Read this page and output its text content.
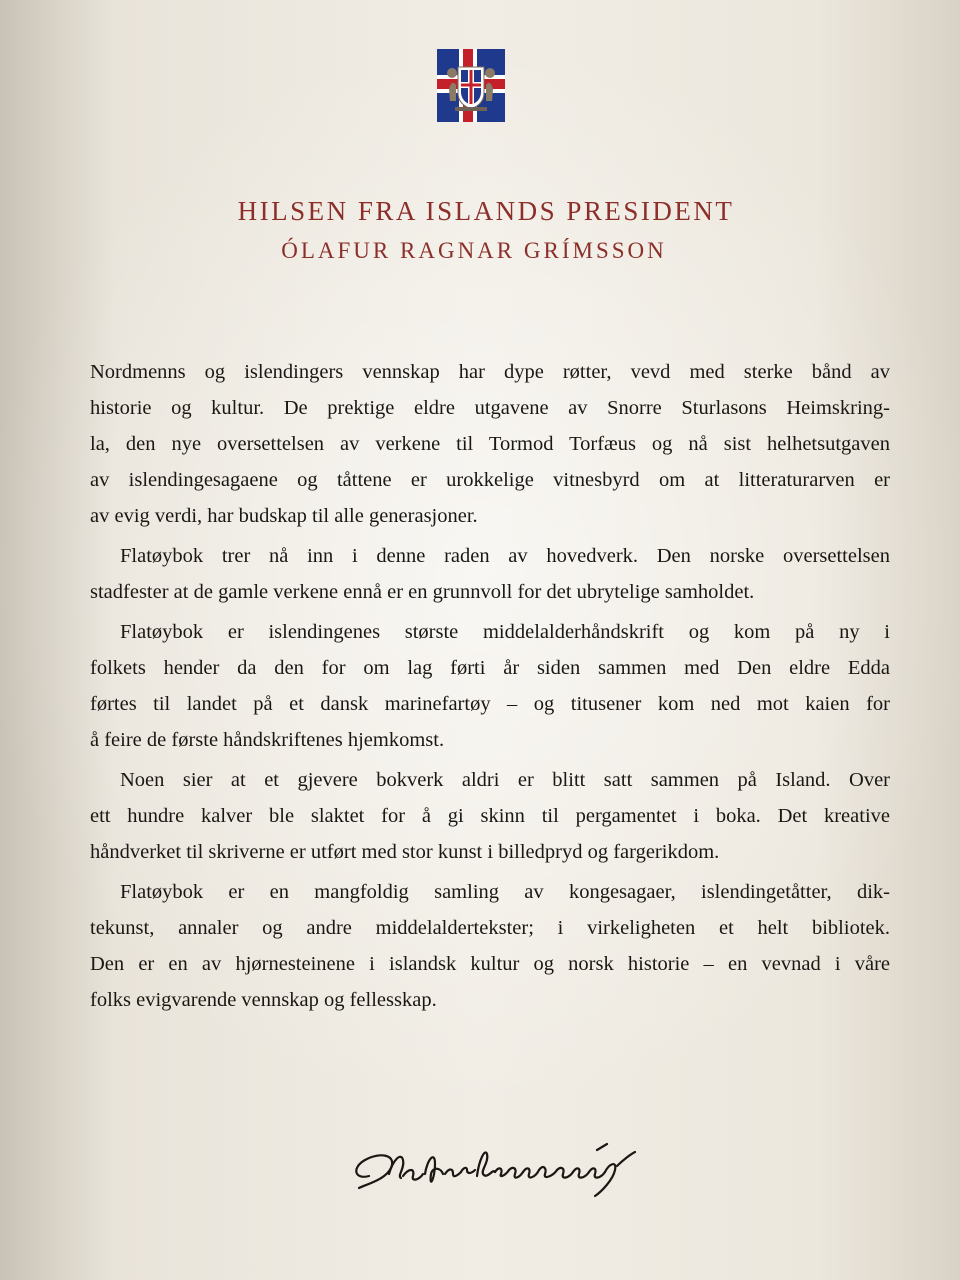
HILSEN FRA ISLANDS PRESIDENT
ÓLAFUR RAGNAR GRÍMSSON

Nordmenns og islendingers vennskap har dype røtter, vevd med sterke bånd av
historie og kultur. De prektige eldre utgavene av Snorre Sturlasons Heimskring-
la, den nye oversettelsen av verkene til Tormod Torfæus og nå sist helhetsutgaven
av islendingesagaene og tåttene er urokkelige vitnesbyrd om at litteraturarven er
av evig verdi, har budskap til alle generasjoner.

Flatøybok trer nå inn i denne raden av hovedverk. Den norske oversettelsen
stadfester at de gamle verkene ennå er en grunnvoll for det ubrytelige samholdet.

Flatøybok er islendingenes største middelalderhåndskrift og kom på ny i
folkets hender da den for om lag førti år siden sammen med Den eldre Edda
førtes til landet på et dansk marinefartøy – og titusener kom ned mot kaien for
å feire de første håndskriftenes hjemkomst.

Noen sier at et gjevere bokverk aldri er blitt satt sammen på Island. Over
ett hundre kalver ble slaktet for å gi skinn til pergamentet i boka. Det kreative
håndverket til skriverne er utført med stor kunst i billedpryd og fargerikdom.

Flatøybok er en mangfoldig samling av kongesagaer, islendingetåtter, dik-
tekunst, annaler og andre middelaldertekster; i virkeligheten et helt bibliotek.
Den er en av hjørnesteinene i islandsk kultur og norsk historie – en vevnad i våre
folks evigvarende vennskap og fellesskap.
